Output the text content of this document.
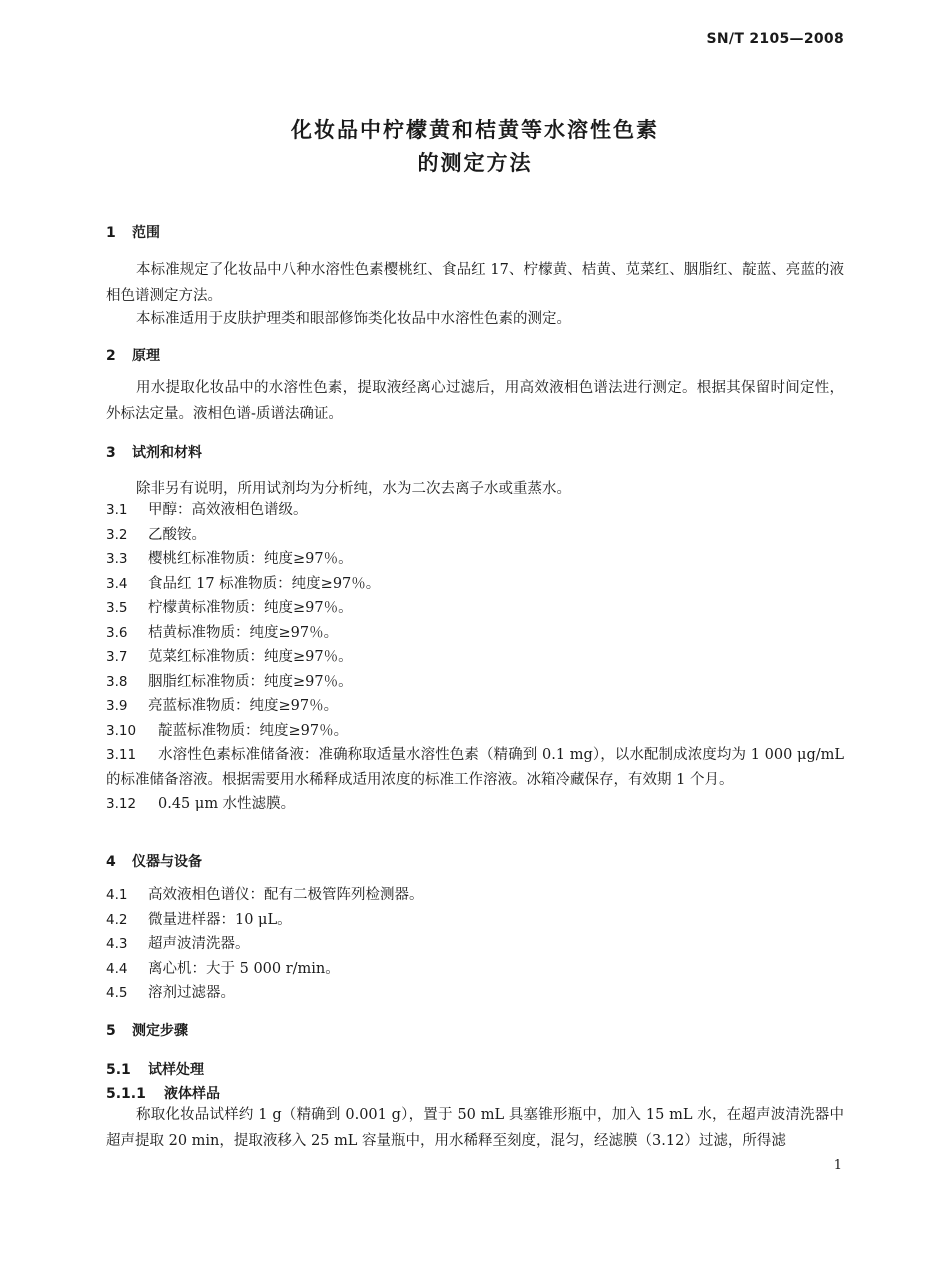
SN/T 2105—2008
化妆品中柠檬黄和桔黄等水溶性色素
的测定方法
1 范围
本标准规定了化妆品中八种水溶性色素樱桃红、食品红 17、柠檬黄、桔黄、苋菜红、胭脂红、靛蓝、亮蓝的液相色谱测定方法。
本标准适用于皮肤护理类和眼部修饰类化妆品中水溶性色素的测定。
2 原理
用水提取化妆品中的水溶性色素，提取液经离心过滤后，用高效液相色谱法进行测定。根据其保留时间定性，外标法定量。液相色谱-质谱法确证。
3 试剂和材料
除非另有说明，所用试剂均为分析纯，水为二次去离子水或重蒸水。
3.1 甲醇：高效液相色谱级。
3.2 乙酸铵。
3.3 樱桃红标准物质：纯度≥97％。
3.4 食品红 17 标准物质：纯度≥97％。
3.5 柠檬黄标准物质：纯度≥97％。
3.6 桔黄标准物质：纯度≥97％。
3.7 苋菜红标准物质：纯度≥97％。
3.8 胭脂红标准物质：纯度≥97％。
3.9 亮蓝标准物质：纯度≥97％。
3.10 靛蓝标准物质：纯度≥97％。
3.11 水溶性色素标准储备液：准确称取适量水溶性色素（精确到 0.1 mg），以水配制成浓度均为 1 000 μg/mL 的标准储备溶液。根据需要用水稀释成适用浓度的标准工作溶液。冰箱冷藏保存，有效期 1 个月。
3.12 0.45 μm 水性滤膜。
4 仪器与设备
4.1 高效液相色谱仪：配有二极管阵列检测器。
4.2 微量进样器：10 μL。
4.3 超声波清洗器。
4.4 离心机：大于 5 000 r/min。
4.5 溶剂过滤器。
5 测定步骤
5.1 试样处理
5.1.1 液体样品
称取化妆品试样约 1 g（精确到 0.001 g），置于 50 mL 具塞锥形瓶中，加入 15 mL 水，在超声波清洗器中超声提取 20 min，提取液移入 25 mL 容量瓶中，用水稀释至刻度，混匀，经滤膜（3.12）过滤，所得滤
1
